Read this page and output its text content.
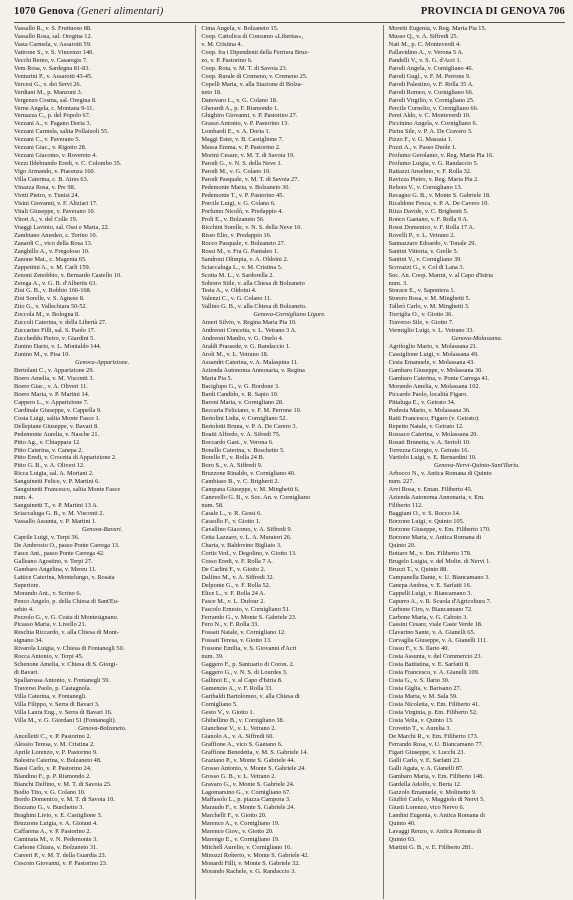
1070 Genova (Generi alimentari)	PROVINCIA DI GENOVA 706
Vassallo R., v. S. Fruttuoso 88.
Vassallo Rosa, sal. Oregina 12.
Vasta Carmela, v. Assarotti 59.
Vattrone S., v. S. Vincenzo 140.
Vecchi Remo, v. Casaregis 7.
Vem Rosa, v. Sardegna 81-83.
Venturini P., v. Assarotti 43-45.
Vercesi G., v. dei Servi 26.
Verdiani M., p. Manzoni 3.
Vergenzo Cosma, sal. Oregina 8.
Verne Angela, c. Montana 9-11.
Vernazza C., p. del Popolo 67.
Vezzani A., v. Pagano Doria 3.
Vezzani Carmela, salita Pollaiuoli 55.
Vezzani C., v. Paverano 5.
Vezzani Giac., v. Rigotto 28.
Vezzani Giacomo, v. Rovereto 4.
Vezzi Ildebrando Eredi, v. C. Colombo 35.
Vigo Armando, v. Piacenza 160.
Villa Caterina, c. B. Aires 63.
Vinazza Rosa, v. Pre 98.
Viotti Pietro, v. Tunisi 24.
Visini Giovanni, v. F. Aliziari 17.
Vitali Giuseppe, v. Paverano 10.
Vitori A., v. del Colle 19.
Voaggi Lavinio, sal. Ossi e Maria, 22.
Zambiano Amedeo, c. Torino 10.
Zanardi C., vico della Rosa 13.
Zanghillo A., v. Fregoloso 10.
Zanone Mat., c. Magenta 65.
Zappettini A., v. M. Carli 159.
Zenoni Zenobbio, v. Bernardo Castello 10.
Zerega A., v. G. B. d'Albertis 63.
Zini G. B., v. Robbio 166-168.
Zini Sorelle, v. S. Agnese 8.
Zito G., v. Vallechiara 50-52.
Zoccola M., v. Bologna 8.
Zuccoli Caterina, v. della Libertà 27.
Zuccarino Filli, sal. S. Paolo 17.
Zuccheddu Pietro, v. Giardini 5.
Zunino Dario, v. L. Montaldo 144.
Zunino M., v. Pisa 10.
Genova-Apparizione.
Bertolani C., v. Apparizione 29.
Boero Amelia, v. M. Visconti 3.
Boero Giac., v. A. Oliveri 11.
Boero Maria, v. P. Martini 14.
Cappero L., v. Apparizione 7.
Cardinale Giuseppe, v. Cappella 9.
Costa Luigi, salita Monte Fasce 1.
Dellepiane Giuseppe, v. Bavari 8.
Pedemonte Aurelia, v. Nasche 21.
Pitto Ag., v. Chiappara 12.
Pitto Caterina, v. Canepa 2.
Pitto Eredi, v. Crocetta di Apparizione 2.
Pitto G. B., v. A. Oliveri 12.
Ricca Luigia, sal. A. Moriani 2.
Sanguinetti Felice, v. P. Martini 6.
Sanguinetti Francesco, salita Monte Fasce
num. 4.
Sanguinetti T., v. P. Martini 13 A.
Sciaccaluga G. B., v. M. Visconti 2.
Vassallo Assunta, v. P. Martini 1.
Genova-Bavari.
Caprile Luigi, v. Terpi 36.
De Ambrosio O., passo Ponte Carrega 13.
Fasce Ant., passo Ponte Carrega 42.
Galleano Agostino, v. Terpi 27.
Gambaro Angelina, v. Mereu 11.
Lattice Caterina, Montelungo, v. Rosata
Superiore.
Morando Ant., v. Scrino 6.
Penco Angelo, p. della Chiesa di Sant'Eu-
sebio 4.
Pezzolo G., v. G. Costa di Montesignano.
Picasso Maria, v. Livello 21.
Reschia Riccardo, v. alla Chiesa di Mont-
signano 34.
Rivarola Luigia, v. Chiesa di Fontanegli 50.
Rocca Antonio, v. Terpi 45.
Schenone Amelia, v. Chiesa di S. Giorgi-
di Bavari.
Spallarossa Antonio, v. Fontanegli 59.
Traverso Paolo, p. Castagnola.
Villa Caterina, v. Fontanegli.
Villa Filippo, v. Serra di Bavari 3.
Villa Laura Eug., v. Serra di Bavari 16.
Villa M., v. G. Giordani 51 (Fontanegli).
Genova-Bolzaneto.
Ancelletti C., v. P. Pastorino 2.
Alessio Teresa, v. M. Cristina 2.
Aprile Lorenzo, v. P. Pastorino 9.
Balestra Caterina, v. Bolzaneto 48.
Bassi Carlo, v. P. Pastorino 24.
Blandino F., p. P. Rismondo 2.
Bianchi Delfino, v. M. T. di Savoia 25.
Bodio Tito, v. G. Colano 10.
Bordo Domenico, v. M. T. di Savoia 10.
Bozzano G., v. Burchetto 3.
Braghini Livio, v. E. Castiglione 3.
Bruzzone Luigia, v. A. Gioiani 4.
Caffarena A., v. P. Pastorino 2.
Caminata M., v. N. Pedemonte 3.
Carbone Chiara, v. Bolzaneto 31.
Careeri P., v. M. T. della Guardia 23.
Cescoto Giovanni, v. P. Pastorino 23.
Cima Angela, v. Bolzaneto 15.
Coop. Cattolica di Consumo «Libertas»,
v. M. Cristina 4.
Coop. fra i Dipendenti della Ferriera Bruz-
zo, v. P. Pastorino 6.
Coop. Rota, v. M. T. di Savoia 23.
Coop. Rurale di Cremeno, v. Cremeno 25.
Copelli Maria, v. alla Stazione di Bolza-
neto 18.
Danovaro L., v. G. Colano 18.
Gherardi A., p. F. Rismondo 1.
Ghighiro Giovanni, v. P. Pastorino 27.
Grasso Antonio, v. P. Pastorino 13.
Lombardi E., v. A. Doria 1.
Maggi Ester, v. B. Castiglione 7.
Massa Emma, v. P. Pastorino 2.
Morini Cesare, v. M. T. di Savoia 19.
Parodi G., v. N. S. della Neve 1.
Parodi M., v. G. Colano 10.
Parodi Pasquale, v. M. T. di Savoia 27.
Pedemonte Maria, v. Bolzaneto 30.
Pedemonte T., v. P. Pastorino 45.
Porcile Luigi, v. G. Colano 6.
Porfumo Nicolò, v. Predappio 4.
Proli E., v. Bolzaneto 56.
Ricchini Sorelle, v. N. S. della Neve 10.
Risso Elio, v. Predappio 16.
Rocco Pasquale, v. Bolzaneto 27.
Rossi M., v. Fra G. Pantaleo 1.
Sandroni Olimpia, v. A. Oldoini 2.
Sciaccaluga L., v. M. Cristina 5.
Scotta M. L., v. Sardorella 2.
Sobrero Stile, v. alla Chiesa di Bolzaneto
Testa A., v. Oldoini 4.
Valenzi C., v. G. Colano 11.
Vallino G. B., v. alla Chiesa di Bolzaneto.
Genova-Cornigliano Ligure.
Ameri Silvio, v. Regina Maria Pia 10.
Andreoni Concetta, v. L. Vetrano 3 A.
Andreoni Manlio, v. G. Onelo 4.
Araldi Prassede, v. G. Randaccio 1.
Aroli M., v. L. Vetrano 18.
Assandri Caterina, v. A. Malaspina 11.
Azienda Autonoma Annonaria, v. Regina
Maria Pia 5.
Baciglupo G., v. G. Bordone 3.
Bardi Candido, v. R. Sapio 10.
Baroni Maria, v. Cornigliano 28.
Beccaria Feliciano, v. F. M. Perrone 10.
Bertolini Lidia, v. Cornigliano 52.
Bertolotti Bruna, v. P. A. De Carero 3.
Boatti Alfredo, v. A. Sifredi 75.
Boccardo Gaet., v. Verona 6.
Bonello Caterina, v. Boschetto 5.
Borello F., v. Rolla 24 B.
Boro S., v. A. Siffredi 9.
Bruzzone Rinaldo, v. Cornigliano 40.
Cambiaso B., v. C. Brigherti 2.
Campana Giuseppe, v. M. Minghetti 6.
Canevello G. B., v. Soc. An. v. Cornigliano
num. 58.
Casale L., v. R. Gessi 6.
Cassollo F., v. Giotto 1.
Cavallino Giacomo, v. A. Siffredi 9.
Cetta Lazzaro, v. L. A. Muratori 26.
Charta, v. Baldovino Bigliato 3.
Cortis Ved., v. Degolino, v. Giotto 13.
Cosso Eredi, v. F. Rolla 7 A.
De Carlini F., v. Giotto 2.
Dalfino M., v. A. Siffredi 32.
Delponte G., v. F. Rolla 52.
Elice L., v. F. Rolla 24 A.
Fasce M., v. L. Dufour 2.
Fascolo Ernesto, v. Cornigliano 51.
Ferrando G., v. Monte S. Gabriele 23.
Fero N., v. F. Rolla 33.
Fossati Natale, v. Cornigliano 12.
Fossati Teresa, v. Giotto 13.
Fossone Emilia, v. S. Giovanni d'Acri
num. 39.
Gaggero F., p. Santuario di Coron. 2.
Gaggero G., v. N. S. di Lourdes 3.
Gallinoi E., v. al Capo d'Istria 8.
Gamenzio A., v. F. Rolla 33.
Garibaldi Bartolomeo, v. alla Chiesa di
Cornigliano 5.
Gesto V., v. Giotto 1.
Ghibellino B., v. Cornigliano 38.
Gianchese V., v. L. Vetrano 2.
Gianolo A., v. A. Siffredi 60.
Graffione A., vico S. Gaetano 6.
Graffione Benedetta, v. M. S. Gabriele 14.
Graziano P., v. Monte S. Gabriele 44.
Grosso Antonio, v. Monte S. Gabriele 24.
Grosso G. B., v. L. Vetrano 2.
Gravaro G., v. Monte S. Gabriele 24.
Lagomarsino G., v. Cornigliano 67.
Maffasolo L., p. piazza Campora 3.
Maraudo F., v. Monte S. Gabriele 24.
Marchelli F., v. Giotto 20.
Marenco A., v. Cornigliano 19.
Marenco Giov., v. Giotto 20.
Marengo E., v. Cornigliano 19.
Mitchell Aurelio, v. Cornigliano 16.
Minozzi Roberto, v. Monte S. Gabriele 42.
Monardi Filli, v. Monte S. Gabriele 32.
Morando Rachele, v. G. Randaccio 3.
Moretti Eugenia, v. Reg. Maria Pia 15.
Musso Q., v. A. Siffredi 25.
Nati M., p. C. Monteverdi 4.
Pallavidino A., v. Verona 5 A.
Pandelli V., v. S. G. d'Acri 1.
Parodi Angela, v. Cornigliano 46.
Parodi Gugl., v. F. M. Perrone 9.
Parodi Palestino, v. F. Rolla 35 A.
Parodi Romeo, v. Cornigliano 66.
Parodi Virgilio, v. Cornigliano 25.
Percile Cornelio, v. Cornigliano 66.
Perei Aldo, v. C. Monteverdi 10.
Piccinino Angela, v. Cornigliano 6.
Pietra Sile, v. P. A. De Cravero 5.
Pizzo F., v. G. Massaia 1.
Pozzi A., v. Passo Duole 1.
Profumo Gerolamo, v. Reg. Maria Pia 16.
Profumo Luigia, v. G. Randaccio 5.
Rattazzi Anselmo, v. F. Rolla 32.
Ravizza Pietro, v. Reg. Maria Pia 2.
Rebora V., v. Cornigliano 13.
Recagno G. B., v. Monte S. Gabriele 18.
Ricaldone Fesca, v. P. A. De Cavero 10.
Riiza Davide, v. C. Brighenti 5.
Ronco Gaetano, v. F. Rolla 9 A.
Rossi Domenico, v. F. Rolla 17 A.
Rovelli P., v. L. Vetrano 2.
Sannazzaro Edoardo, v. Tonale 29.
Santini Vittoria, v. Grelle 5.
Santini V., v. Cornigliano 39.
Scovazzi G., v. Col di Lana 3.
Soc. An. Coop. Marmi, v. al Capo d'Istria
num. 3.
Storace E., v. Saponiera 1.
Storero Rosa, v. M. Minghetti 5.
Tallerì Carlo, v. M. Minghetti 3.
Torriglia O., v. Giotto 36.
Traverso Sile, v. Giotto 7.
Vermiglio Luigi, v. L. Vetrano 33.
Genova-Molassana.
Agrifoglio Mario, v. Molassana 21.
Cassiglione Luigi, v. Molassana 49.
Cesta Emanuele, v. Molassana 43.
Gambaro Giuseppe, v. Molassana 30.
Gambaro Caterina, v. Ponte Carrega 41.
Morando Amelia, v. Molassana 102.
Piccardo Paolo, località Figaro.
Pittaluga E., v. Geirato 34.
Podesta Mario, v. Molassana 36.
Raiti Francesco, Figaro (v. Geirato).
Repetto Natale, v. Geirato 12.
Rossaco Caterina, v. Molassana 20.
Rosati Brunetta, v. A. Sertoli 10.
Torrezza Giorgio, v. Geirato 16.
Vartiolo Luigi, v. E. Bernardini 10.
Genova-Nervi-Quinto-Sant'Ilario.
Arbocco N., v. Antica Romana di Quinto
num. 227.
Arvi Rosa, v. Eman. Filiberto 45.
Azienda Autonoma Annonaria, v. Em.
Filiberto 112.
Baggiani O., v. S. Rocco 14.
Borzone Luigi, v. Quinto 105.
Borzone Giuseppe, v. Em. Filiberto 170.
Borzone Maria, v. Antica Romana di
Quinto 20.
Bottaro M., v. Em. Filiberto 178.
Brugelo Luigia, v. del Molin. di Nervi 1.
Bruzzi T., v. Quinto 88.
Campanella Dante, v. U. Biancamano 3.
Canepa Andrea, v. E. Sarfatti 16.
Cappelli Luigi, v. Biancamano 3.
Capurro A., v. R. Scuola d'Agricoltura 7.
Carbone Ciro, v. Biancamano 72.
Carbone Maria, v. G. Caboto 3.
Cassini Cesare, viale Caste Verde 18.
Clavarino Sante, v. A. Gianelli 65.
Corvaglia Giuseppe, v. A. Gianelli 111.
Cossu F., v. S. Ilario 40.
Costa Assunta, v. del Commercio 23.
Costa Battistina, v. E. Sarfatti 8.
Costa Francesco, v. A. Gianelli 109.
Costa G., v. S. Ilario 30.
Costa Giglia, v. Barisano 27.
Costa Maria, v. M. Sala 59.
Costa Nicoletta, v. Em. Filiberto 41.
Costa Virginia, p. Em. Filiberto 52.
Costa Velia, v. Quinto 13.
Crovetto T., v. Aurelia 3.
De Marchi R., v. Em. Filiberto 173.
Ferrando Rosa, v. U. Biancamano 77.
Figari Giuseppe, v. Lucchi 23.
Galli Carlo, v. E. Sarfatti 23.
Galli Agata, v. A. Gianelli 87.
Gambaro Maria, v. Em. Filiberto 148.
Gardella Adolfo, v. Berta 12.
Gazzolo Emanuele, v. Molinetto 9.
Giuffrè Carlo, v. Maggiolo di Nervi 5.
Giusti Lorenzo, vico Nervo 6.
Landini Eugenia, v. Antica Romana di
Quinto 40.
Lavaggi Renzo, v. Antica Romana di
Quinto 63.
Martini G. B., v. E. Filiberto 281.
